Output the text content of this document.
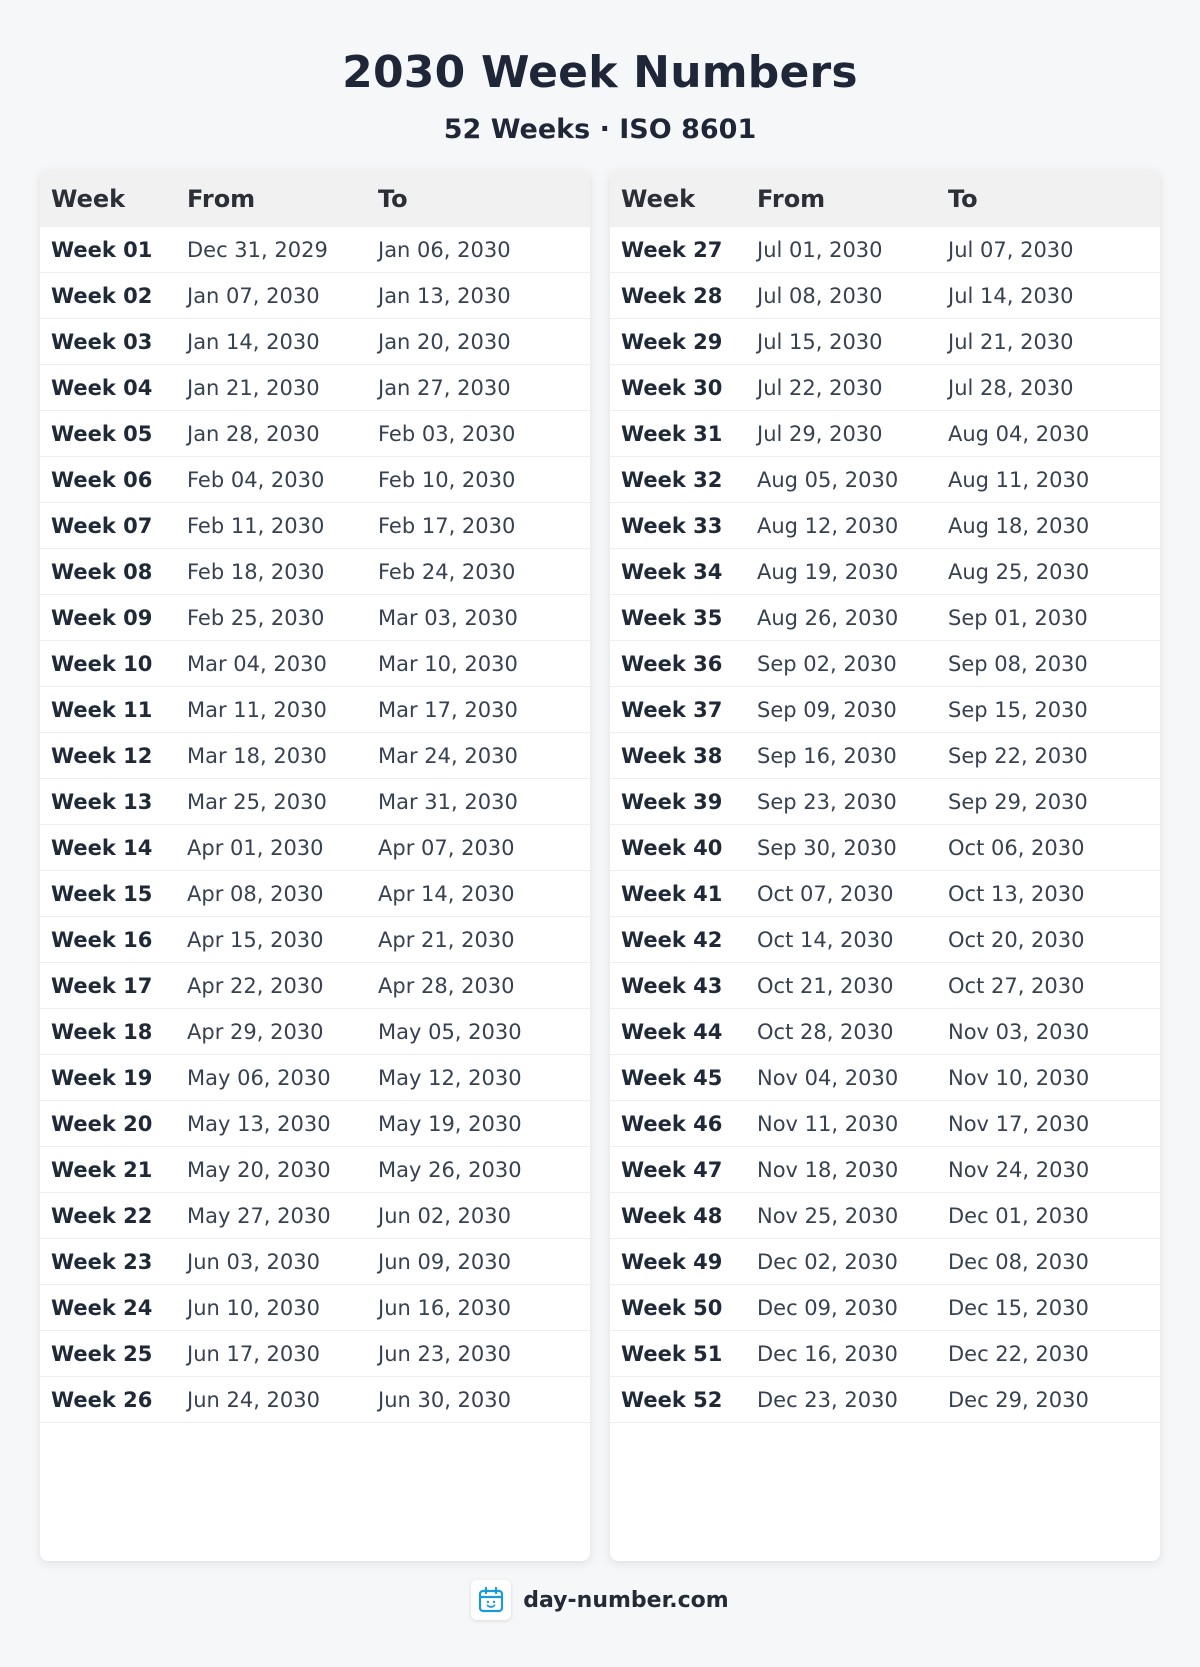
2030 Week Numbers
52 Weeks · ISO 8601
Week	From	To
Week 01	Dec 31, 2029	Jan 06, 2030
Week 02	Jan 07, 2030	Jan 13, 2030
Week 03	Jan 14, 2030	Jan 20, 2030
Week 04	Jan 21, 2030	Jan 27, 2030
Week 05	Jan 28, 2030	Feb 03, 2030
Week 06	Feb 04, 2030	Feb 10, 2030
Week 07	Feb 11, 2030	Feb 17, 2030
Week 08	Feb 18, 2030	Feb 24, 2030
Week 09	Feb 25, 2030	Mar 03, 2030
Week 10	Mar 04, 2030	Mar 10, 2030
Week 11	Mar 11, 2030	Mar 17, 2030
Week 12	Mar 18, 2030	Mar 24, 2030
Week 13	Mar 25, 2030	Mar 31, 2030
Week 14	Apr 01, 2030	Apr 07, 2030
Week 15	Apr 08, 2030	Apr 14, 2030
Week 16	Apr 15, 2030	Apr 21, 2030
Week 17	Apr 22, 2030	Apr 28, 2030
Week 18	Apr 29, 2030	May 05, 2030
Week 19	May 06, 2030	May 12, 2030
Week 20	May 13, 2030	May 19, 2030
Week 21	May 20, 2030	May 26, 2030
Week 22	May 27, 2030	Jun 02, 2030
Week 23	Jun 03, 2030	Jun 09, 2030
Week 24	Jun 10, 2030	Jun 16, 2030
Week 25	Jun 17, 2030	Jun 23, 2030
Week 26	Jun 24, 2030	Jun 30, 2030
Week	From	To
Week 27	Jul 01, 2030	Jul 07, 2030
Week 28	Jul 08, 2030	Jul 14, 2030
Week 29	Jul 15, 2030	Jul 21, 2030
Week 30	Jul 22, 2030	Jul 28, 2030
Week 31	Jul 29, 2030	Aug 04, 2030
Week 32	Aug 05, 2030	Aug 11, 2030
Week 33	Aug 12, 2030	Aug 18, 2030
Week 34	Aug 19, 2030	Aug 25, 2030
Week 35	Aug 26, 2030	Sep 01, 2030
Week 36	Sep 02, 2030	Sep 08, 2030
Week 37	Sep 09, 2030	Sep 15, 2030
Week 38	Sep 16, 2030	Sep 22, 2030
Week 39	Sep 23, 2030	Sep 29, 2030
Week 40	Sep 30, 2030	Oct 06, 2030
Week 41	Oct 07, 2030	Oct 13, 2030
Week 42	Oct 14, 2030	Oct 20, 2030
Week 43	Oct 21, 2030	Oct 27, 2030
Week 44	Oct 28, 2030	Nov 03, 2030
Week 45	Nov 04, 2030	Nov 10, 2030
Week 46	Nov 11, 2030	Nov 17, 2030
Week 47	Nov 18, 2030	Nov 24, 2030
Week 48	Nov 25, 2030	Dec 01, 2030
Week 49	Dec 02, 2030	Dec 08, 2030
Week 50	Dec 09, 2030	Dec 15, 2030
Week 51	Dec 16, 2030	Dec 22, 2030
Week 52	Dec 23, 2030	Dec 29, 2030
day-number.com
